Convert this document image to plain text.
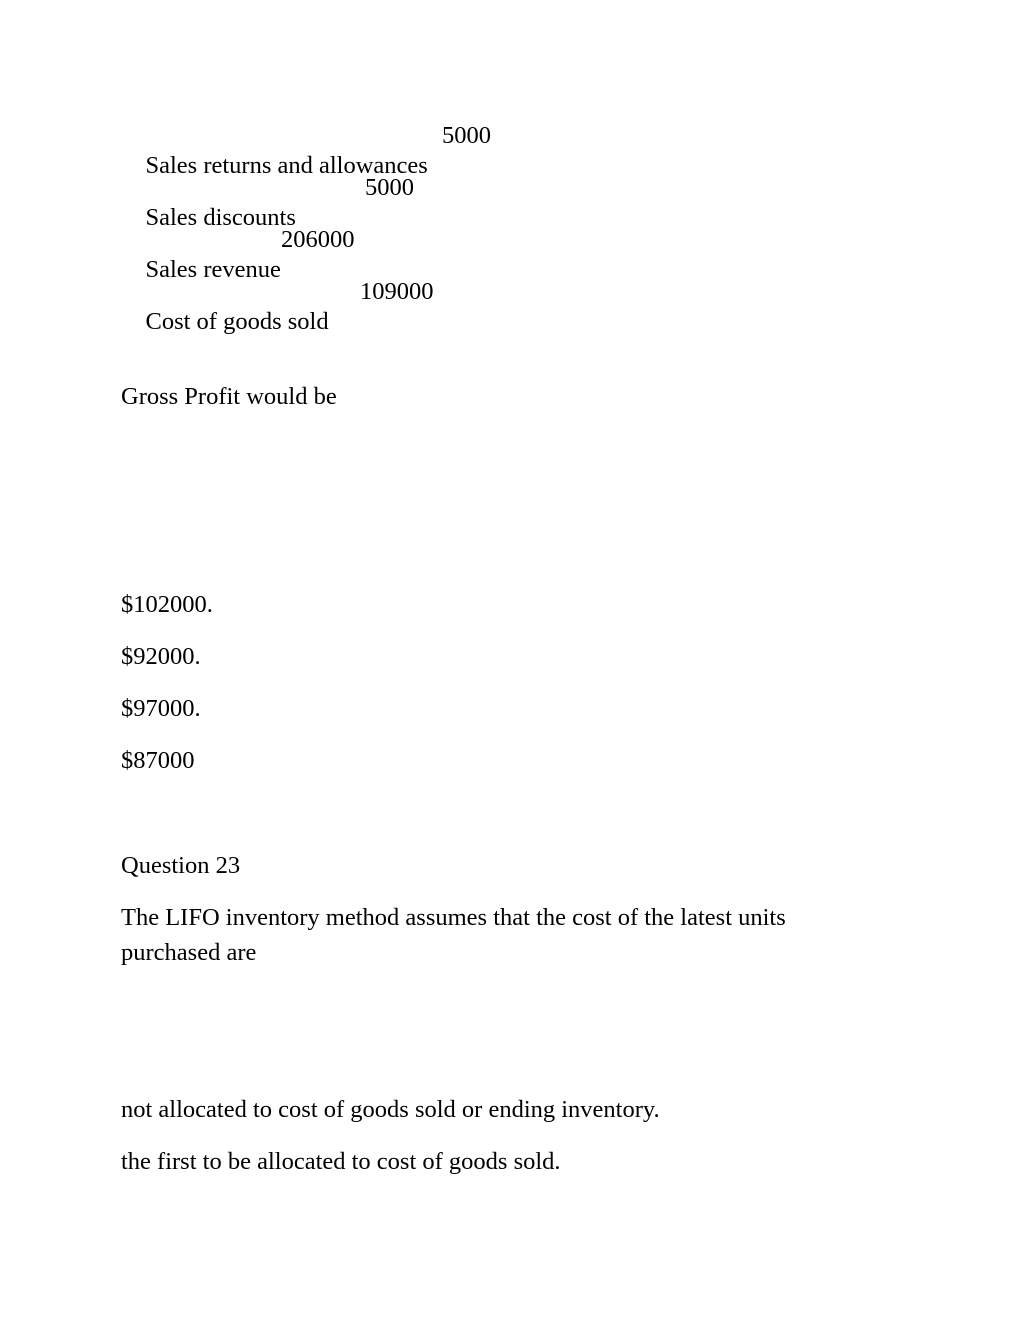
Sales returns and allowances

5000

Sales discounts

5000

Sales revenue

206000

Cost of goods sold

109000

Gross Profit would be
$102000.
$92000.
$97000.
$87000
Question 23
The LIFO inventory method assumes that the cost of the latest units purchased are
not allocated to cost of goods sold or ending inventory.
the first to be allocated to cost of goods sold.
